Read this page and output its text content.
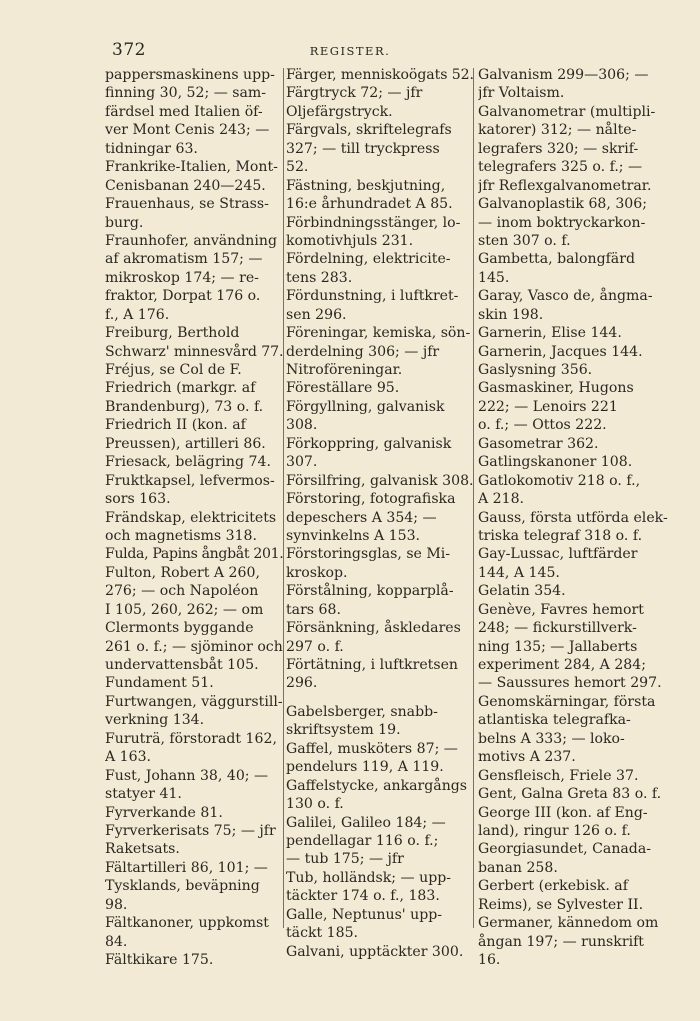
372	REGISTER.
pappersmaskinens upp-
finning 30, 52; — sam-
färdsel med Italien öf-
ver Mont Cenis 243; —
tidningar 63.
Frankrike-Italien, Mont-
Cenisbanan 240—245.
Frauenhaus, se Strass-
burg.
Fraunhofer, användning
af akromatism 157; —
mikroskop 174; — re-
fraktor, Dorpat 176 o.
f., A 176.
Freiburg, Berthold
Schwarz' minnesvård 77.
Fréjus, se Col de F.
Friedrich (markgr. af
Brandenburg), 73 o. f.
Friedrich II (kon. af
Preussen), artilleri 86.
Friesack, belägring 74.
Fruktkapsel, lefvermos-
sors 163.
Frändskap, elektricitets
och magnetisms 318.
Fulda, Papins ångbåt 201.
Fulton, Robert A 260,
276; — och Napoléon
I 105, 260, 262; — om
Clermonts byggande
261 o. f.; — sjöminor och
undervattensbåt 105.
Fundament 51.
Furtwangen, väggurstill-
verkning 134.
Furuträ, förstoradt 162,
A 163.
Fust, Johann 38, 40; —
statyer 41.
Fyrverkande 81.
Fyrverkerisats 75; — jfr
Raketsats.
Fältartilleri 86, 101; —
Tysklands, beväpning
98.
Fältkanoner, uppkomst
84.
Fältkikare 175.
Färger, menniskoögats 52.
Färgtryck 72; — jfr
Oljefärgstryck.
Färgvals, skriftelegrafs
327; — till tryckpress
52.
Fästning, beskjutning,
16:e århundradet A 85.
Förbindningsstänger, lo-
komotivhjuls 231.
Fördelning, elektricite-
tens 283.
Fördunstning, i luftkret-
sen 296.
Föreningar, kemiska, sön-
derdelning 306; — jfr
Nitroföreningar.
Föreställare 95.
Förgyllning, galvanisk
308.
Förkoppring, galvanisk
307.
Försilfring, galvanisk 308.
Förstoring, fotografiska
depeschers A 354; —
synvinkelns A 153.
Förstoringsglas, se Mi-
kroskop.
Förstålning, kopparplå-
tars 68.
Försänkning, åskledares
297 o. f.
Förtätning, i luftkretsen
296.
Gabelsberger, snabb-
skriftsystem 19.
Gaffel, musköters 87; —
pendelurs 119, A 119.
Gaffelstycke, ankargångs
130 o. f.
Galilei, Galileo 184; —
pendellagar 116 o. f.;
— tub 175; — jfr
Tub, holländsk; — upp-
täckter 174 o. f., 183.
Galle, Neptunus' upp-
täckt 185.
Galvani, upptäckter 300.
Galvanism 299—306; —
jfr Voltaism.
Galvanometrar (multipli-
katorer) 312; — nålte-
legrafers 320; — skrif-
telegrafers 325 o. f.; —
jfr Reflexgalvanometrar.
Galvanoplastik 68, 306;
— inom boktryckarkon-
sten 307 o. f.
Gambetta, balongfärd
145.
Garay, Vasco de, ångma-
skin 198.
Garnerin, Elise 144.
Garnerin, Jacques 144.
Gaslysning 356.
Gasmaskiner, Hugons
222; — Lenoirs 221
o. f.; — Ottos 222.
Gasometrar 362.
Gatlingskanoner 108.
Gatlokomotiv 218 o. f.,
A 218.
Gauss, första utförda elek-
triska telegraf 318 o. f.
Gay-Lussac, luftfärder
144, A 145.
Gelatin 354.
Genève, Favres hemort
248; — fickurstillverk-
ning 135; — Jallaberts
experiment 284, A 284;
— Saussures hemort 297.
Genomskärningar, första
atlantiska telegrafka-
belns A 333; — loko-
motivs A 237.
Gensfleisch, Friele 37.
Gent, Galna Greta 83 o. f.
George III (kon. af Eng-
land), ringur 126 o. f.
Georgiasundet, Canada-
banan 258.
Gerbert (erkebisk. af
Reims), se Sylvester II.
Germaner, kännedom om
ångan 197; — runskrift
16.
